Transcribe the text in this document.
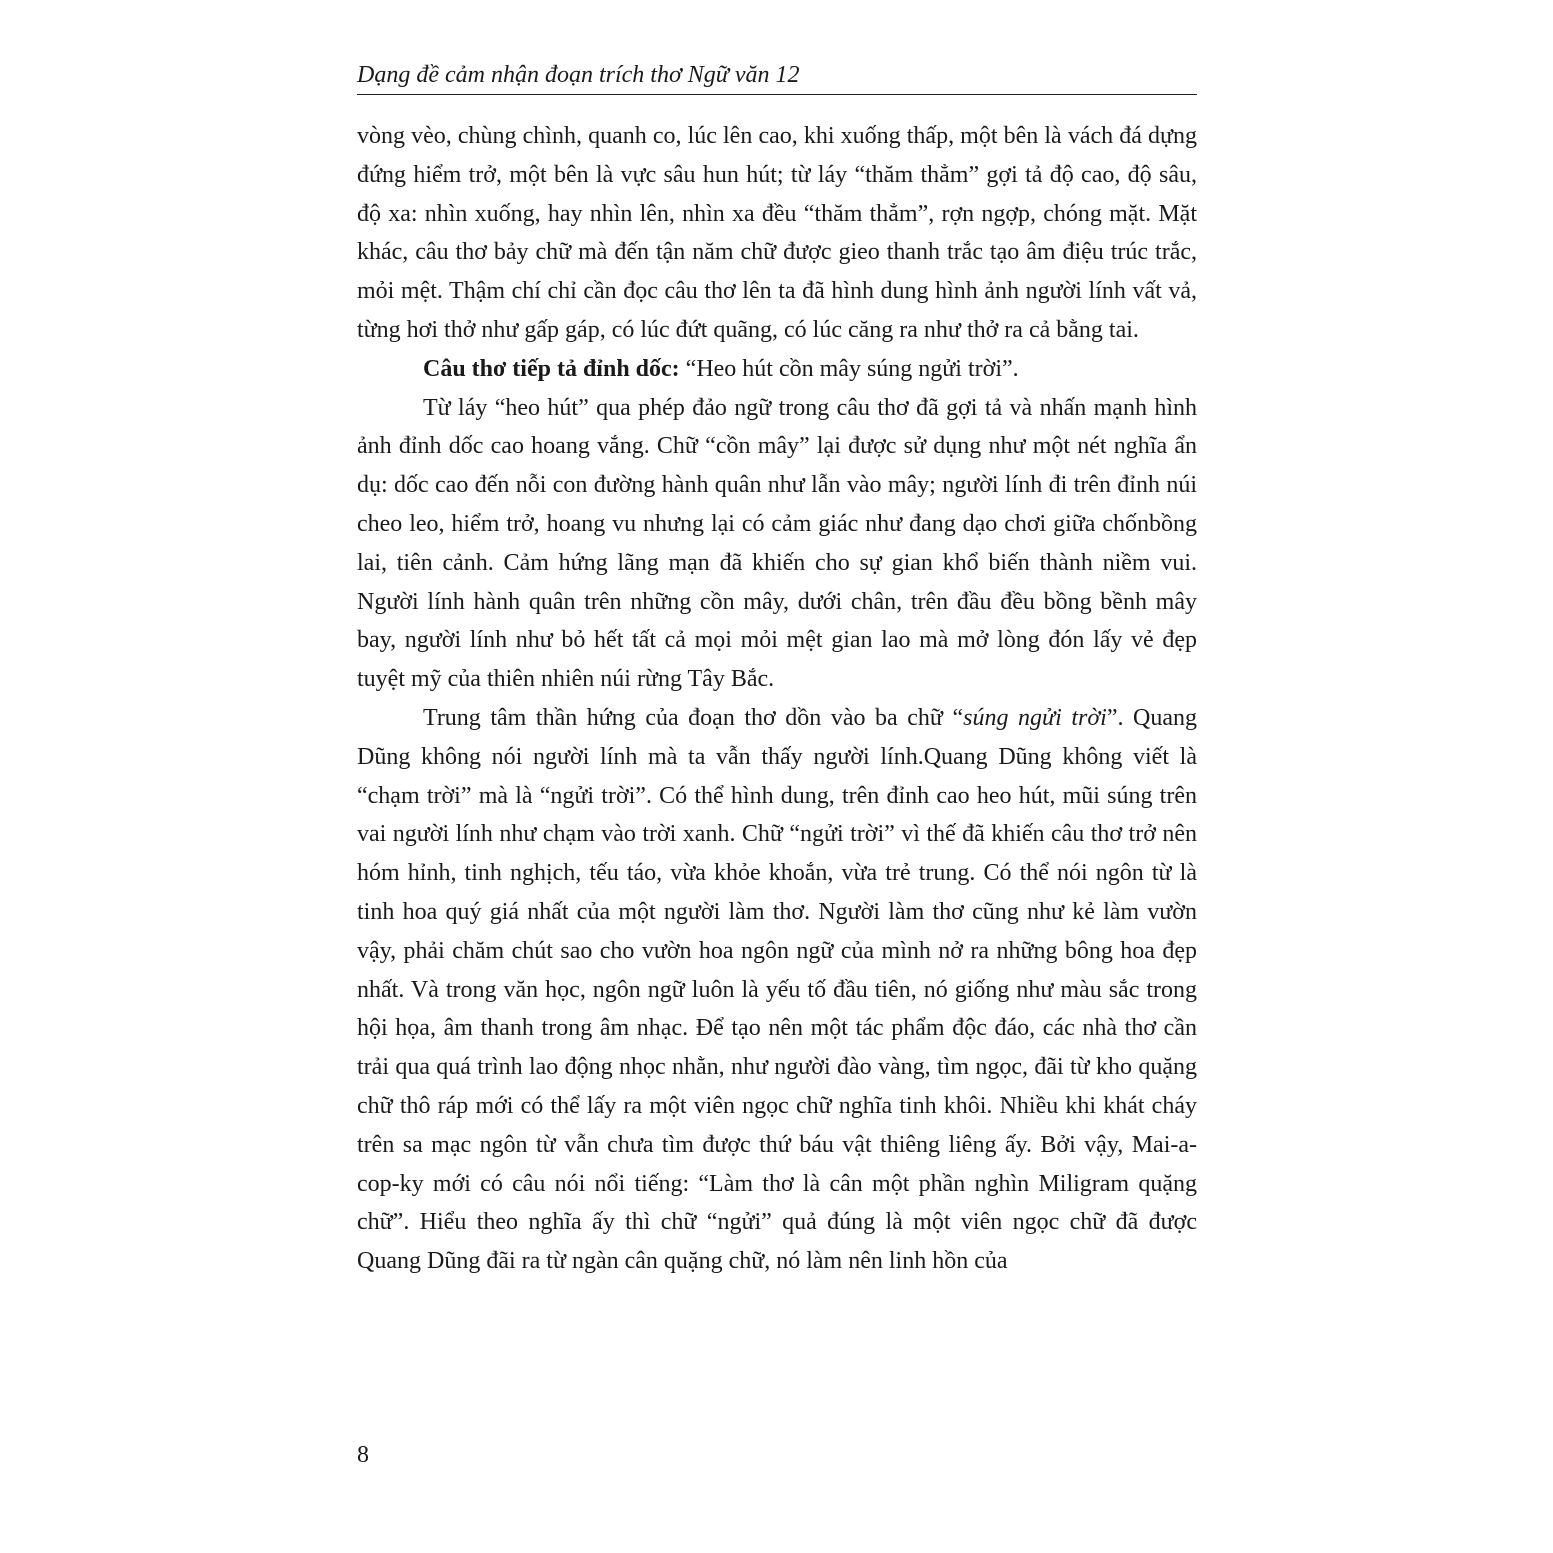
Dạng đề cảm nhận đoạn trích thơ Ngữ văn 12

vòng vèo, chùng chình, quanh co, lúc lên cao, khi xuống thấp, một bên là vách đá dựng đứng hiểm trở, một bên là vực sâu hun hút; từ láy “thăm thẳm” gợi tả độ cao, độ sâu, độ xa: nhìn xuống, hay nhìn lên, nhìn xa đều “thăm thẳm”, rợn ngợp, chóng mặt. Mặt khác, câu thơ bảy chữ mà đến tận năm chữ được gieo thanh trắc tạo âm điệu trúc trắc, mỏi mệt. Thậm chí chỉ cần đọc câu thơ lên ta đã hình dung hình ảnh người lính vất vả, từng hơi thở như gấp gáp, có lúc đứt quãng, có lúc căng ra như thở ra cả bằng tai.

Câu thơ tiếp tả đỉnh dốc: “Heo hút cồn mây súng ngửi trời”.

Từ láy “heo hút” qua phép đảo ngữ trong câu thơ đã gợi tả và nhấn mạnh hình ảnh đỉnh dốc cao hoang vắng. Chữ “cồn mây” lại được sử dụng như một nét nghĩa ẩn dụ: dốc cao đến nỗi con đường hành quân như lẫn vào mây; người lính đi trên đỉnh núi cheo leo, hiểm trở, hoang vu nhưng lại có cảm giác như đang dạo chơi giữa chốnbồng lai, tiên cảnh. Cảm hứng lãng mạn đã khiến cho sự gian khổ biến thành niềm vui. Người lính hành quân trên những cồn mây, dưới chân, trên đầu đều bồng bềnh mây bay, người lính như bỏ hết tất cả mọi mỏi mệt gian lao mà mở lòng đón lấy vẻ đẹp tuyệt mỹ của thiên nhiên núi rừng Tây Bắc.

Trung tâm thần hứng của đoạn thơ dồn vào ba chữ “súng ngửi trời”. Quang Dũng không nói người lính mà ta vẫn thấy người lính.Quang Dũng không viết là “chạm trời” mà là “ngửi trời”. Có thể hình dung, trên đỉnh cao heo hút, mũi súng trên vai người lính như chạm vào trời xanh. Chữ “ngửi trời” vì thế đã khiến câu thơ trở nên hóm hỉnh, tinh nghịch, tếu táo, vừa khỏe khoắn, vừa trẻ trung. Có thể nói ngôn từ là tinh hoa quý giá nhất của một người làm thơ. Người làm thơ cũng như kẻ làm vườn vậy, phải chăm chút sao cho vườn hoa ngôn ngữ của mình nở ra những bông hoa đẹp nhất. Và trong văn học, ngôn ngữ luôn là yếu tố đầu tiên, nó giống như màu sắc trong hội họa, âm thanh trong âm nhạc. Để tạo nên một tác phẩm độc đáo, các nhà thơ cần trải qua quá trình lao động nhọc nhằn, như người đào vàng, tìm ngọc, đãi từ kho quặng chữ thô ráp mới có thể lấy ra một viên ngọc chữ nghĩa tinh khôi. Nhiều khi khát cháy trên sa mạc ngôn từ vẫn chưa tìm được thứ báu vật thiêng liêng ấy. Bởi vậy, Mai-a-cop-ky mới có câu nói nổi tiếng: “Làm thơ là cân một phần nghìn Miligram quặng chữ”. Hiểu theo nghĩa ấy thì chữ “ngửi” quả đúng là một viên ngọc chữ đã được Quang Dũng đãi ra từ ngàn cân quặng chữ, nó làm nên linh hồn của

8
